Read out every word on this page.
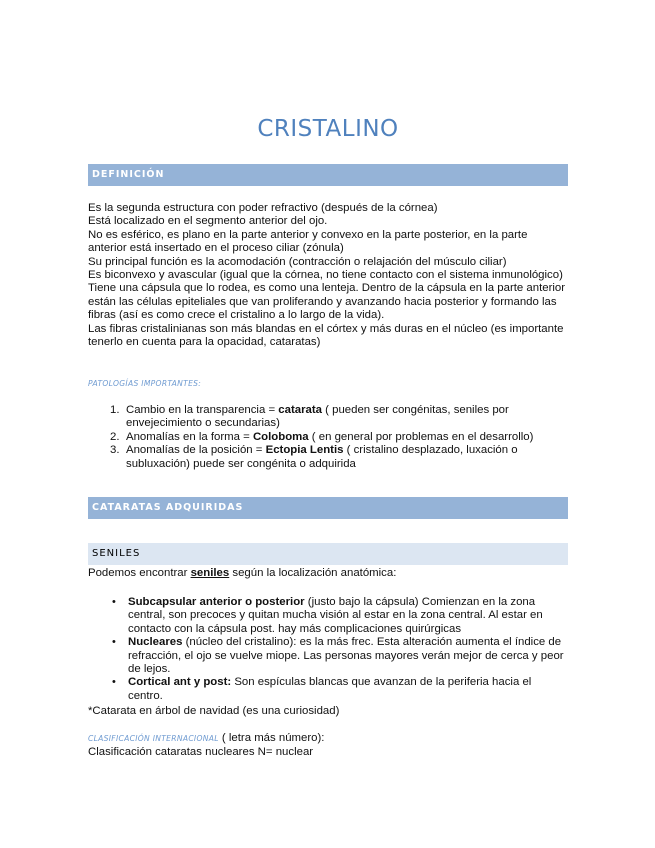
CRISTALINO
DEFINICIÓN

Es la segunda estructura con poder refractivo (después de la córnea)

Está localizado en el segmento anterior del ojo.

No es esférico, es plano en la parte anterior y convexo en la parte posterior, en la parte anterior está insertado en el proceso ciliar (zónula)

Su principal función es la acomodación (contracción o relajación del músculo ciliar)

Es biconvexo y avascular (igual que la córnea, no tiene contacto con el sistema inmunológico)

Tiene una cápsula que lo rodea, es como una lenteja. Dentro de la cápsula en la parte anterior están las células epiteliales que van proliferando y avanzando hacia posterior y formando las fibras (así es como crece el cristalino a lo largo de la vida).

Las fibras cristalinianas son más blandas en el córtex y más duras en el núcleo (es importante tenerlo en cuenta para la opacidad, cataratas)

PATOLOGÍAS IMPORTANTES:
1. Cambio en la transparencia = catarata ( pueden ser congénitas, seniles por envejecimiento o secundarias)
2. Anomalías en la forma = Coloboma ( en general por problemas en el desarrollo)
3. Anomalías de la posición = Ectopia Lentis ( cristalino desplazado, luxación o subluxación) puede ser congénita o adquirida
CATARATAS ADQUIRIDAS
SENILES
Podemos encontrar seniles según la localización anatómica:
• Subcapsular anterior o posterior (justo bajo la cápsula) Comienzan en la zona central, son precoces y quitan mucha visión al estar en la zona central. Al estar en contacto con la cápsula post. hay más complicaciones quirúrgicas
• Nucleares (núcleo del cristalino): es la más frec. Esta alteración aumenta el índice de refracción, el ojo se vuelve miope. Las personas mayores verán mejor de cerca y peor de lejos.
• Cortical ant y post: Son espículas blancas que avanzan de la periferia hacia el centro.
*Catarata en árbol de navidad (es una curiosidad)
CLASIFICACIÓN INTERNACIONAL ( letra más número):
Clasificación cataratas nucleares N= nuclear
